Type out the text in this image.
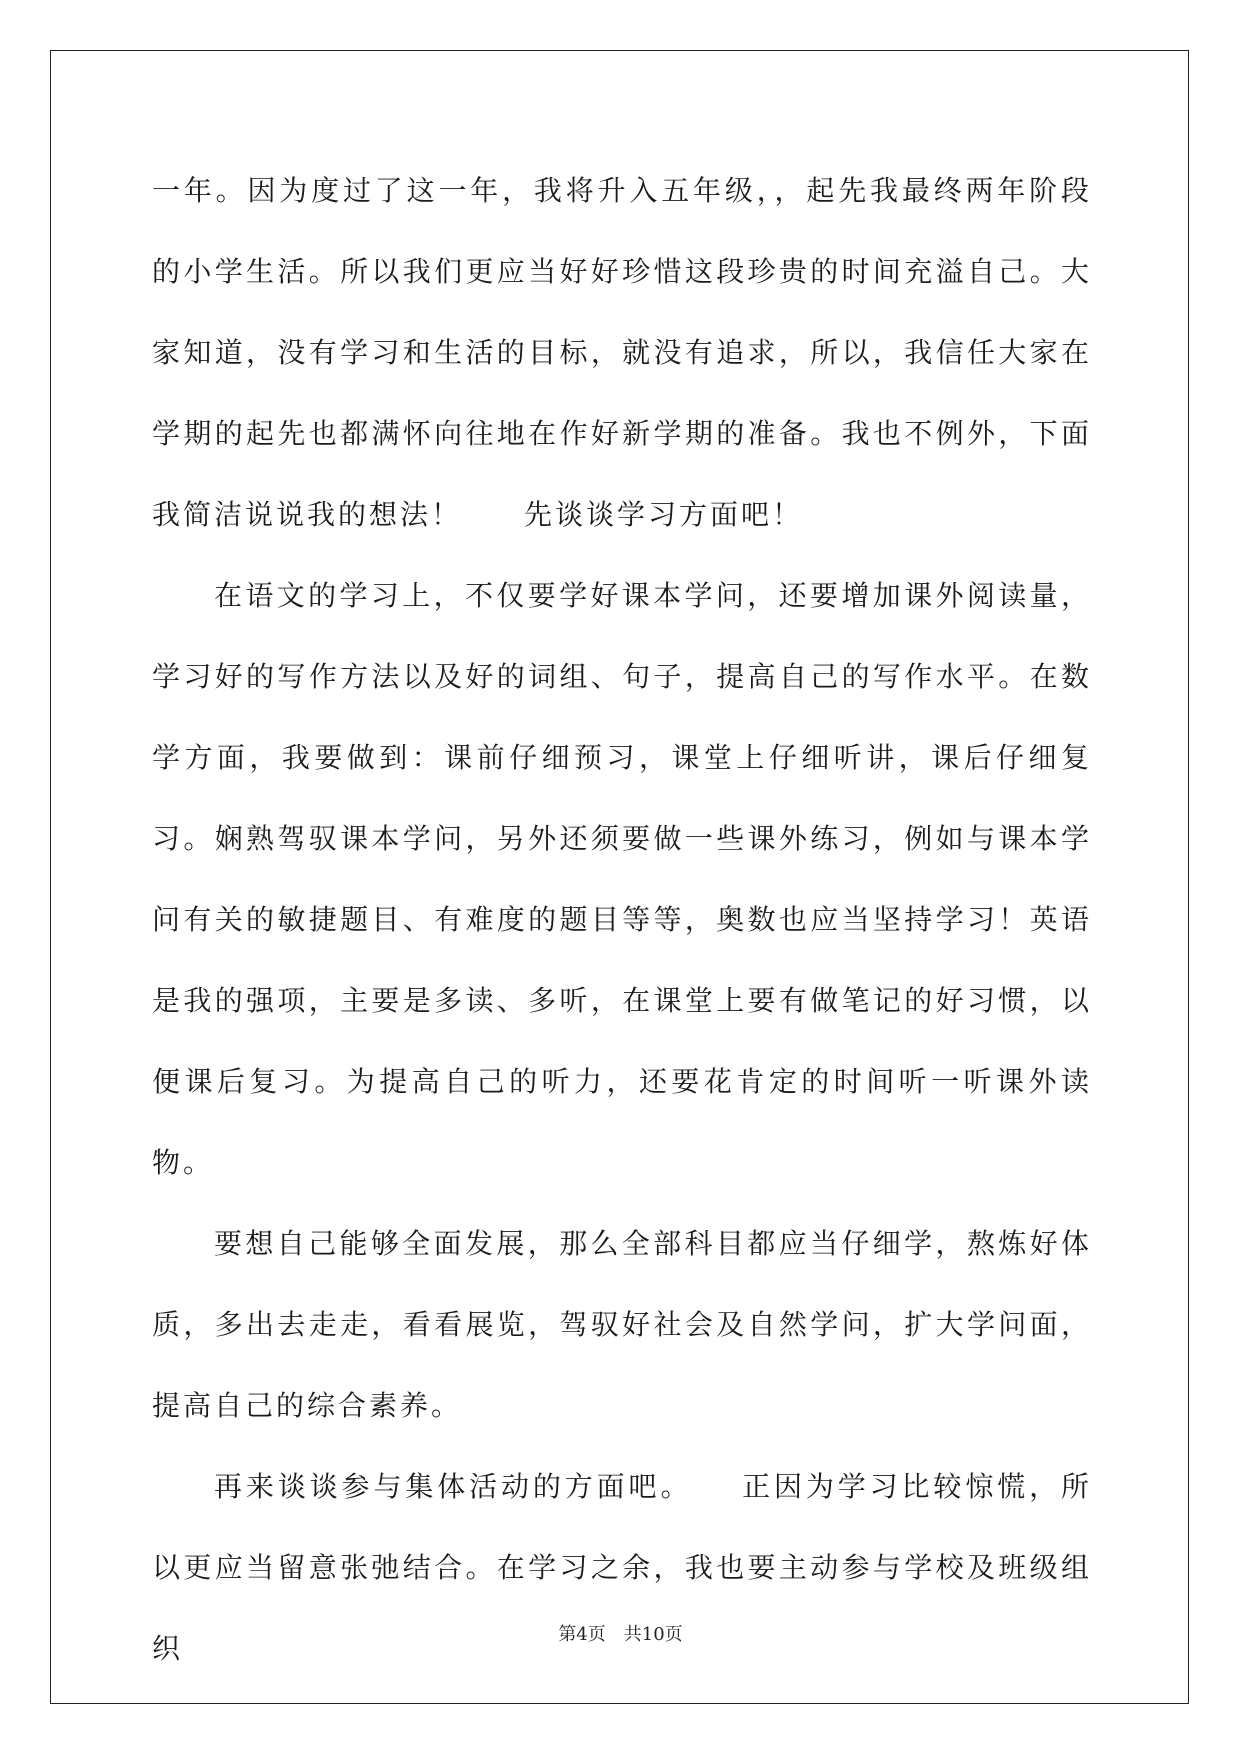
一年。因为度过了这一年，我将升入五年级，，起先我最终两年阶段的小学生活。所以我们更应当好好珍惜这段珍贵的时间充溢自己。大家知道，没有学习和生活的目标，就没有追求，所以，我信任大家在学期的起先也都满怀向往地在作好新学期的准备。我也不例外，下面我简洁说说我的想法！　　先谈谈学习方面吧！

在语文的学习上，不仅要学好课本学问，还要增加课外阅读量，学习好的写作方法以及好的词组、句子，提高自己的写作水平。在数学方面，我要做到：课前仔细预习，课堂上仔细听讲，课后仔细复习。娴熟驾驭课本学问，另外还须要做一些课外练习，例如与课本学问有关的敏捷题目、有难度的题目等等，奥数也应当坚持学习！英语是我的强项，主要是多读、多听，在课堂上要有做笔记的好习惯，以便课后复习。为提高自己的听力，还要花肯定的时间听一听课外读物。

要想自己能够全面发展，那么全部科目都应当仔细学，熬炼好体质，多出去走走，看看展览，驾驭好社会及自然学问，扩大学问面，提高自己的综合素养。

再来谈谈参与集体活动的方面吧。　　正因为学习比较惊慌，所以更应当留意张弛结合。在学习之余，我也要主动参与学校及班级组织	第4页　共10页
